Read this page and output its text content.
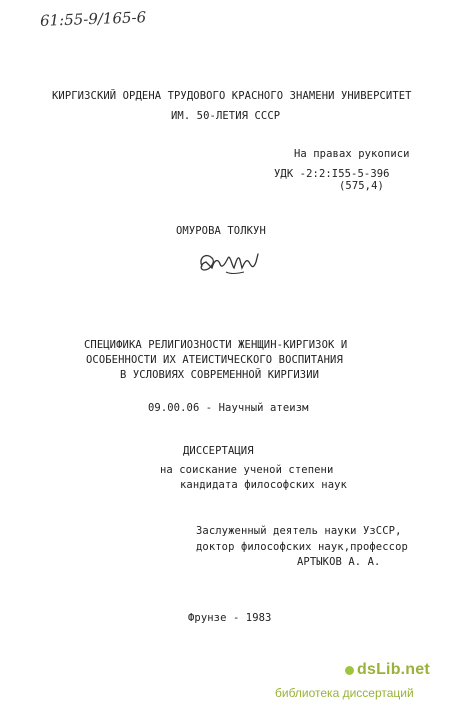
61:55-9/165-6
КИРГИЗСКИЙ ОРДЕНА ТРУДОВОГО КРАСНОГО ЗНАМЕНИ УНИВЕРСИТЕТ
ИМ. 50-ЛЕТИЯ СССР
На правах рукописи
УДК -2:2:I55-5-396
(575,4)
ОМУРОВА ТОЛКУН
СПЕЦИФИКА РЕЛИГИОЗНОСТИ ЖЕНЩИН-КИРГИЗОК И
ОСОБЕННОСТИ ИХ АТЕИСТИЧЕСКОГО ВОСПИТАНИЯ
В УСЛОВИЯХ СОВРЕМЕННОЙ КИРГИЗИИ
09.00.06 - Научный атеизм
ДИССЕРТАЦИЯ
на соискание ученой степени
кандидата философских наук
Заслуженный деятель науки УзССР,
доктор философских наук,профессор
АРТЫКОВ А. А.
Фрунзе - 1983
dsLib.net
библиотека диссертаций
